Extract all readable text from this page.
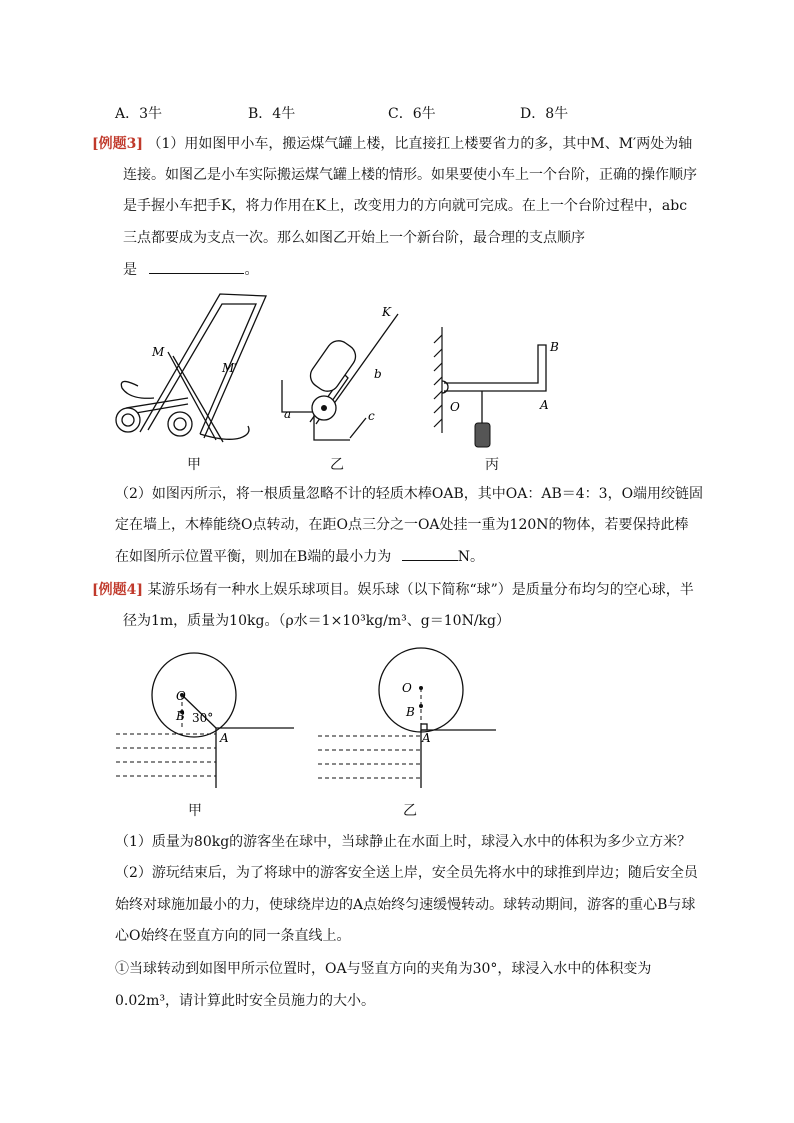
A．3牛	B．4牛	C．6牛	D．8牛
[例题3] （1）用如图甲小车，搬运煤气罐上楼，比直接扛上楼要省力的多，其中M、M′两处为轴
连接。如图乙是小车实际搬运煤气罐上楼的情形。如果要使小车上一个台阶，正确的操作顺序
是手握小车把手K，将力作用在K上，改变用力的方向就可完成。在上一个台阶过程中，abc
三点都要成为支点一次。那么如图乙开始上一个新台阶，最合理的支点顺序
是	。
M
M′
K
b
a	c
B
A
O
甲	乙	丙
（2）如图丙所示，将一根质量忽略不计的轻质木棒OAB，其中OA：AB＝4：3，O端用绞链固
定在墙上，木棒能绕O点转动，在距O点三分之一OA处挂一重为120N的物体，若要保持此棒
在如图所示位置平衡，则加在B端的最小力为	N。
[例题4] 某游乐场有一种水上娱乐球项目。娱乐球（以下简称“球”）是质量分布均匀的空心球，半
径为1m，质量为10kg。（ρ水＝1×10³kg/m³、g＝10N/kg）
O
B 30°
A
O
B
A
甲	乙
（1）质量为80kg的游客坐在球中，当球静止在水面上时，球浸入水中的体积为多少立方米？
（2）游玩结束后，为了将球中的游客安全送上岸，安全员先将水中的球推到岸边；随后安全员
始终对球施加最小的力，使球绕岸边的A点始终匀速缓慢转动。球转动期间，游客的重心B与球
心O始终在竖直方向的同一条直线上。
①当球转动到如图甲所示位置时，OA与竖直方向的夹角为30°，球浸入水中的体积变为
0.02m³，请计算此时安全员施力的大小。
